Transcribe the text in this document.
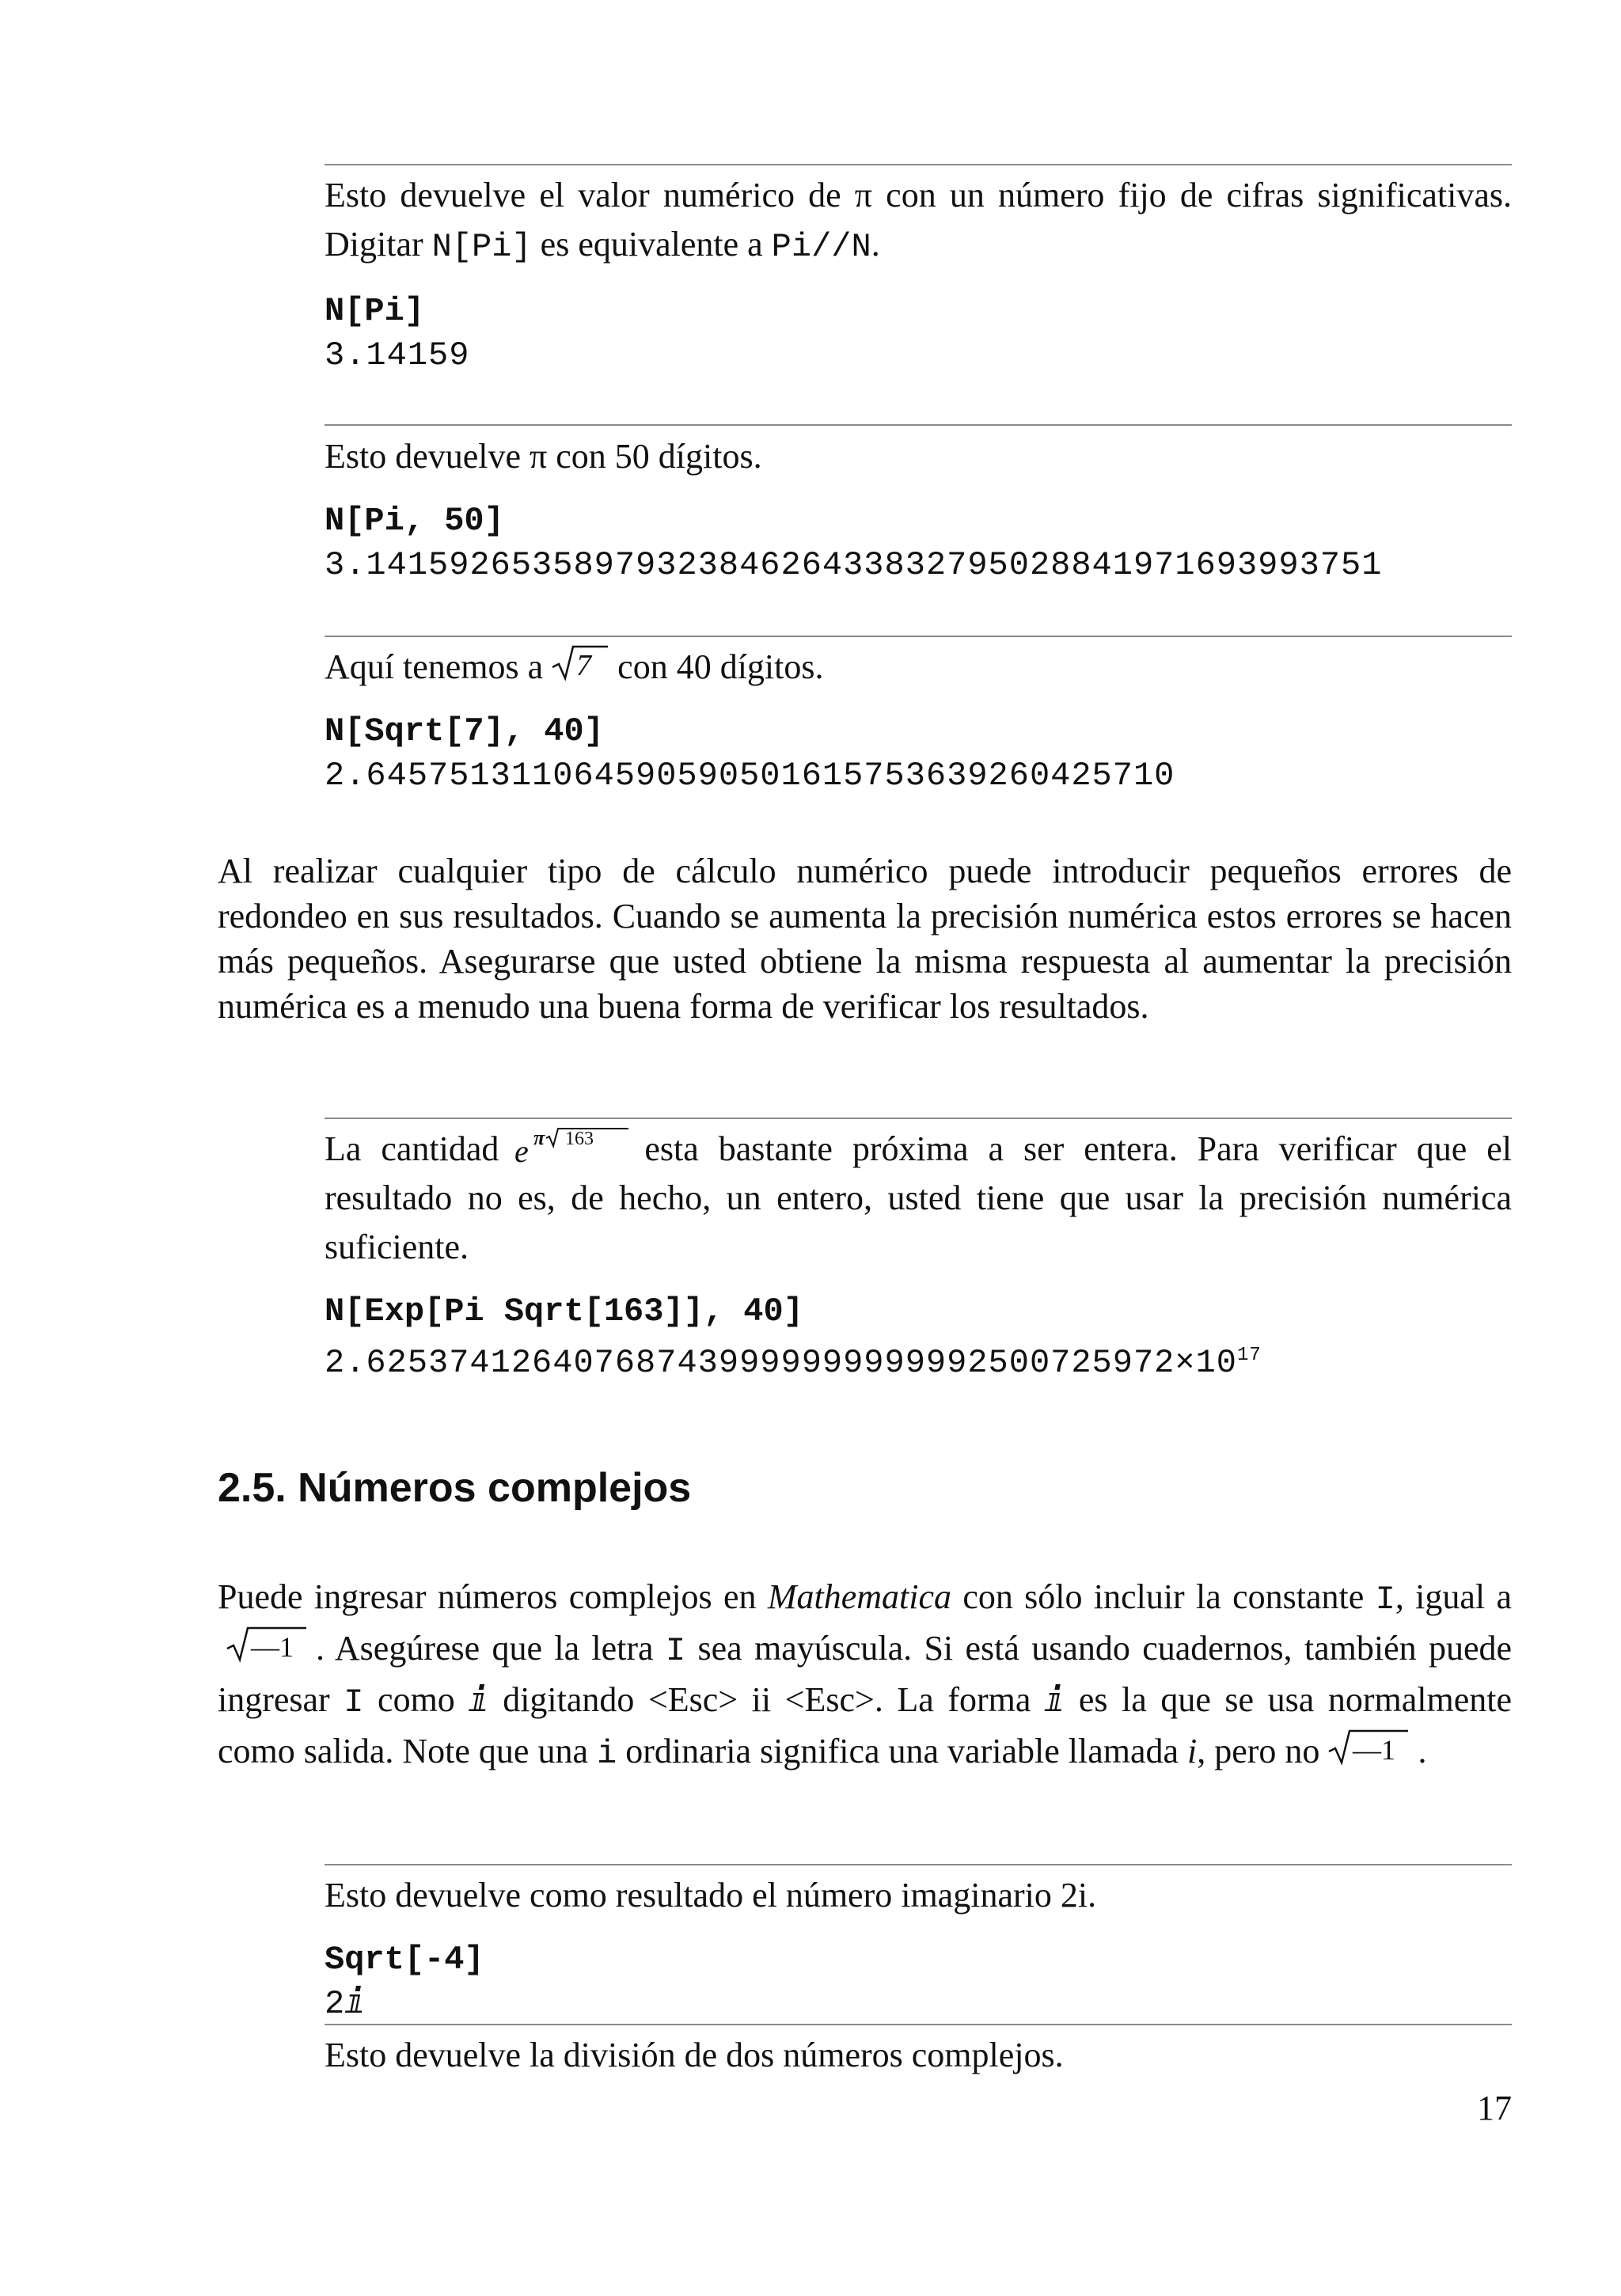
Esto devuelve el valor numérico de π con un número fijo de cifras significativas. Digitar N[Pi] es equivalente a Pi//N.

N[Pi]

3.14159

Esto devuelve π con 50 dígitos.

N[Pi, 50]

3.1415926535897932384626433832795028841971693993751

Aquí tenemos a 7 con 40 dígitos.

N[Sqrt[7], 40]

2.645751311064590590501615753639260425710

Al realizar cualquier tipo de cálculo numérico puede introducir pequeños errores de redondeo en sus resultados. Cuando se aumenta la precisión numérica estos errores se hacen más pequeños. Asegurarse que usted obtiene la misma respuesta al aumentar la precisión numérica es a menudo una buena forma de verificar los resultados.

La cantidad e π 163 esta bastante próxima a ser entera. Para verificar que el resultado no es, de hecho, un entero, usted tiene que usar la precisión numérica suficiente.

N[Exp[Pi Sqrt[163]], 40]

$2.625374126407687439999999999992500725972\times 10^{17}$

2.5. Números complejos

Puede ingresar números complejos en Mathematica con sólo incluir la constante I, igual a
—1 . Asegúrese que la letra I sea mayúscula. Si está usando cuadernos, también puede ingresar I como ⅈ digitando <Esc> ii <Esc>. La forma ⅈ es la que se usa normalmente como salida. Note que una i ordinaria significa una variable llamada i, pero no —1 .

Esto devuelve como resultado el número imaginario 2i.

Sqrt[-4]

2ⅈ

Esto devuelve la división de dos números complejos.

17
